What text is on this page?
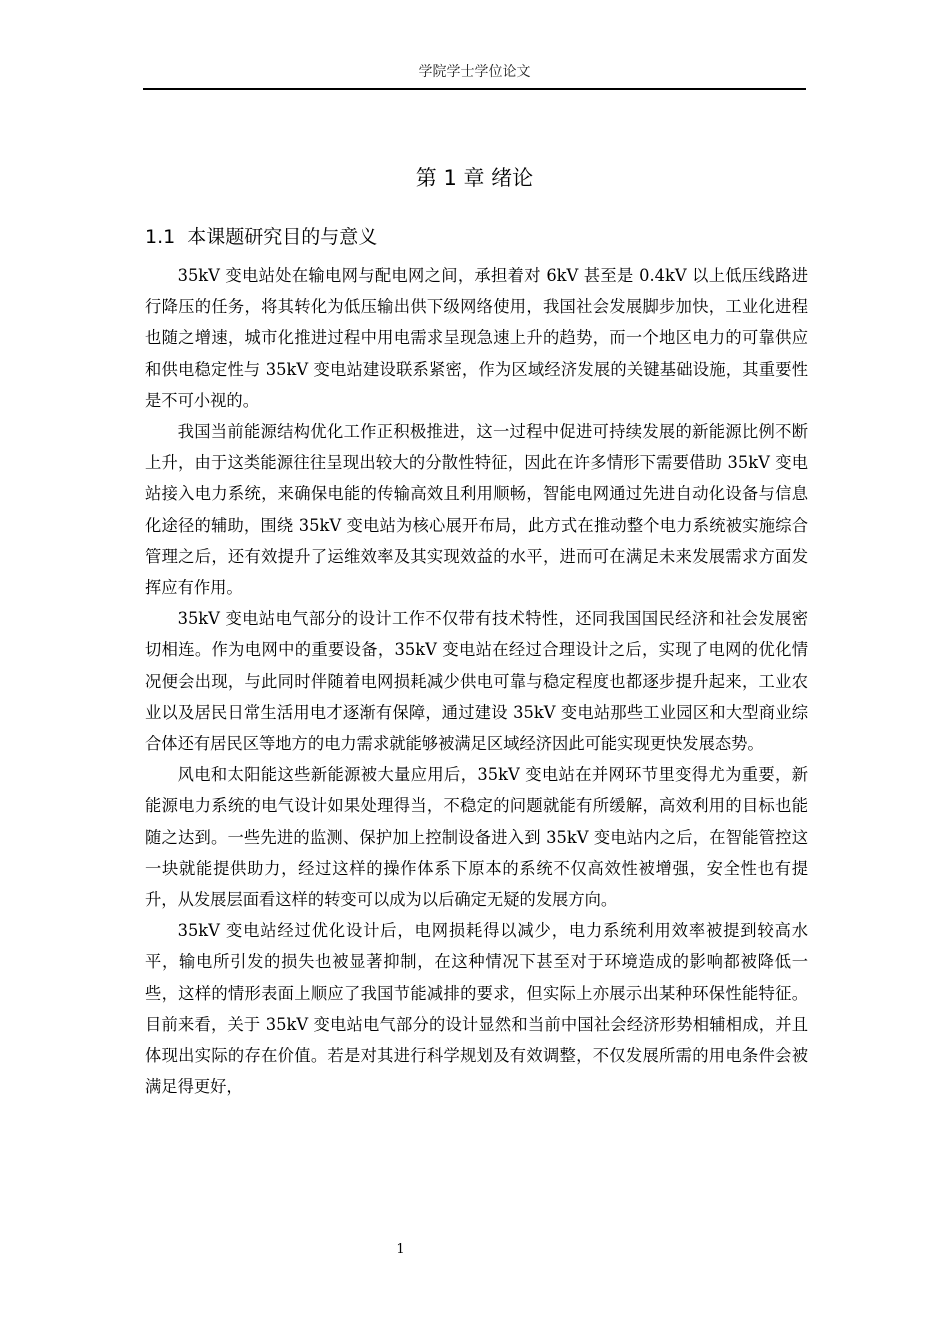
学院学士学位论文
第 1 章 绪论
1.1 本课题研究目的与意义

35kV 变电站处在输电网与配电网之间，承担着对 6kV 甚至是 0.4kV 以上低压线路进行降压的任务，将其转化为低压输出供下级网络使用，我国社会发展脚步加快，工业化进程也随之增速，城市化推进过程中用电需求呈现急速上升的趋势，而一个地区电力的可靠供应和供电稳定性与 35kV 变电站建设联系紧密，作为区域经济发展的关键基础设施，其重要性是不可小视的。

我国当前能源结构优化工作正积极推进，这一过程中促进可持续发展的新能源比例不断上升，由于这类能源往往呈现出较大的分散性特征，因此在许多情形下需要借助 35kV 变电站接入电力系统，来确保电能的传输高效且利用顺畅，智能电网通过先进自动化设备与信息化途径的辅助，围绕 35kV 变电站为核心展开布局，此方式在推动整个电力系统被实施综合管理之后，还有效提升了运维效率及其实现效益的水平，进而可在满足未来发展需求方面发挥应有作用。

35kV 变电站电气部分的设计工作不仅带有技术特性，还同我国国民经济和社会发展密切相连。作为电网中的重要设备，35kV 变电站在经过合理设计之后，实现了电网的优化情况便会出现，与此同时伴随着电网损耗减少供电可靠与稳定程度也都逐步提升起来，工业农业以及居民日常生活用电才逐渐有保障，通过建设 35kV 变电站那些工业园区和大型商业综合体还有居民区等地方的电力需求就能够被满足区域经济因此可能实现更快发展态势。

风电和太阳能这些新能源被大量应用后，35kV 变电站在并网环节里变得尤为重要，新能源电力系统的电气设计如果处理得当，不稳定的问题就能有所缓解，高效利用的目标也能随之达到。一些先进的监测、保护加上控制设备进入到 35kV 变电站内之后，在智能管控这一块就能提供助力，经过这样的操作体系下原本的系统不仅高效性被增强，安全性也有提升，从发展层面看这样的转变可以成为以后确定无疑的发展方向。

35kV 变电站经过优化设计后，电网损耗得以减少，电力系统利用效率被提到较高水平，输电所引发的损失也被显著抑制，在这种情况下甚至对于环境造成的影响都被降低一些，这样的情形表面上顺应了我国节能减排的要求，但实际上亦展示出某种环保性能特征。目前来看，关于 35kV 变电站电气部分的设计显然和当前中国社会经济形势相辅相成，并且体现出实际的存在价值。若是对其进行科学规划及有效调整，不仅发展所需的用电条件会被满足得更好，

1
